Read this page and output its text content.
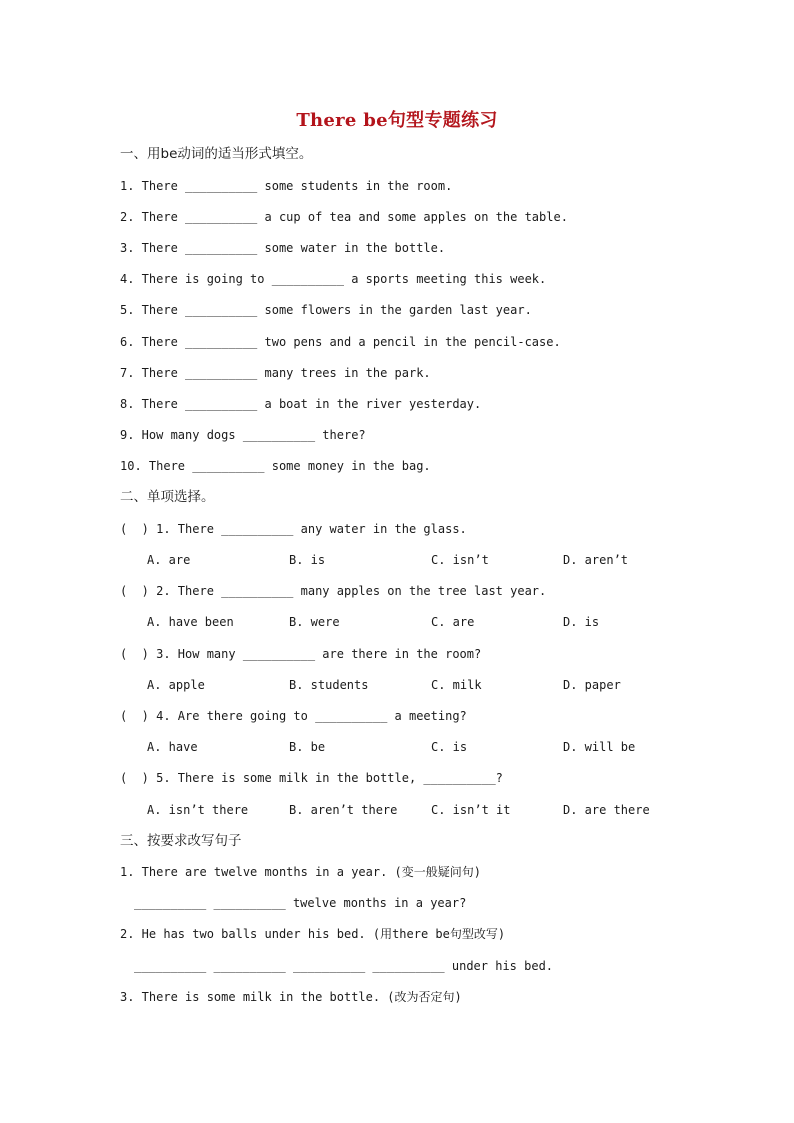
There be句型专题练习
一、用be动词的适当形式填空。
1. There __________ some students in the room.
2. There __________ a cup of tea and some apples on the table.
3. There __________ some water in the bottle.
4. There is going to __________ a sports meeting this week.
5. There __________ some flowers in the garden last year.
6. There __________ two pens and a pencil in the pencil-case.
7. There __________ many trees in the park.
8. There __________ a boat in the river yesterday.
9. How many dogs __________ there?
10. There __________ some money in the bag.
二、单项选择。
(  ) 1. There __________ any water in the glass.
A. are	B. is	C. isn’t	D. aren’t
(  ) 2. There __________ many apples on the tree last year.
A. have been	B. were	C. are	D. is
(  ) 3. How many __________ are there in the room?
A. apple	B. students	C. milk	D. paper
(  ) 4. Are there going to __________ a meeting?
A. have	B. be	C. is	D. will be
(  ) 5. There is some milk in the bottle, __________?
A. isn’t there	B. aren’t there	C. isn’t it	D. are there
三、按要求改写句子
1. There are twelve months in a year. (变一般疑问句)
__________ __________ twelve months in a year?
2. He has two balls under his bed. (用there be句型改写)
__________ __________ __________ __________ under his bed.
3. There is some milk in the bottle. (改为否定句)
